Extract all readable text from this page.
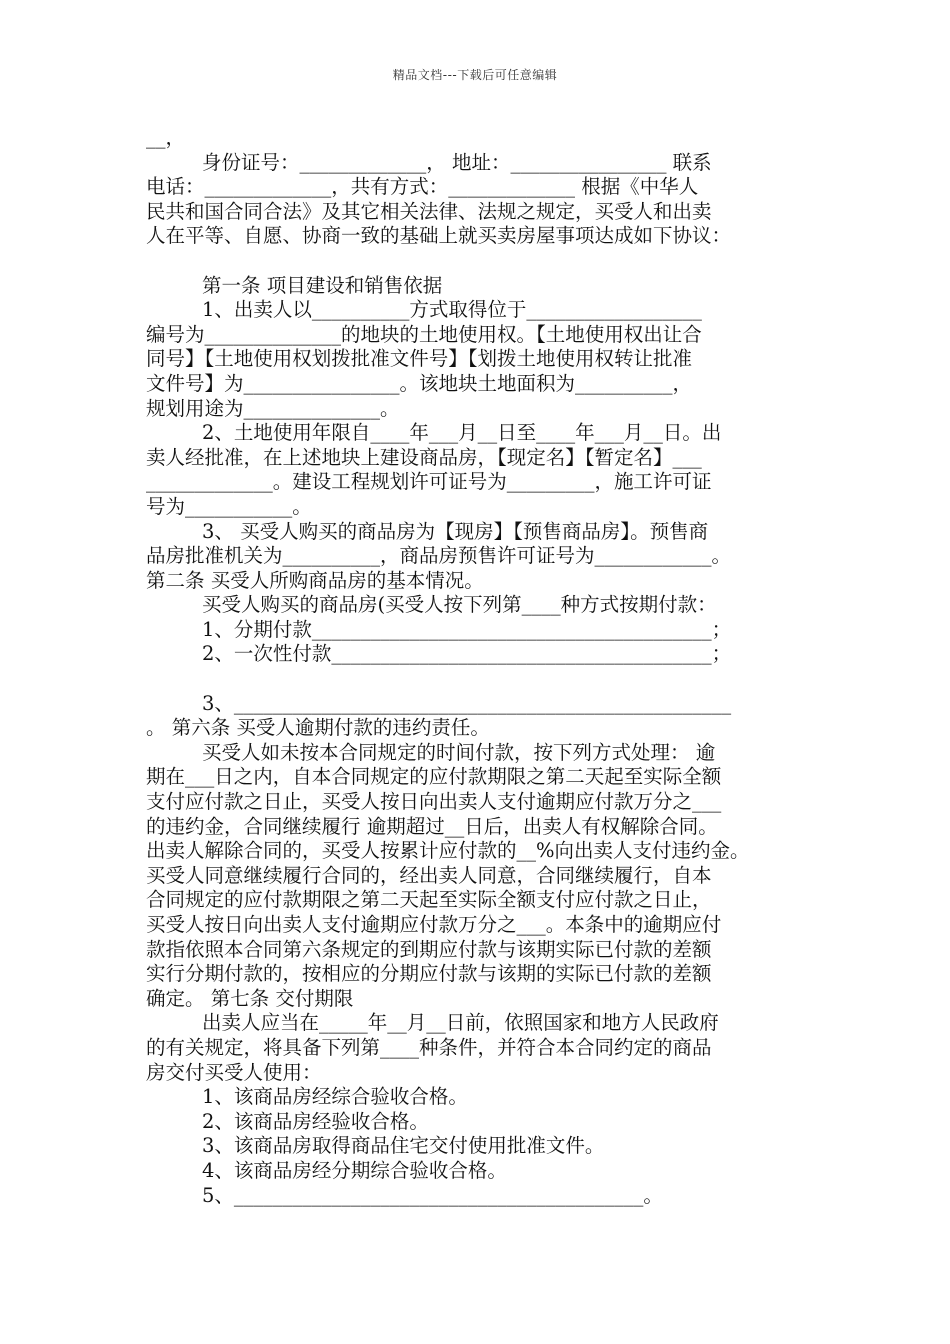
精品文档---下载后可任意编辑
__，
身份证号：_____________， 地址：________________ 联系
电话：_____________，共有方式：_____________ 根据《中华人
民共和国合同合法》及其它相关法律、法规之规定，买受人和出卖
人在平等、自愿、协商一致的基础上就买卖房屋事项达成如下协议：
第一条 项目建设和销售依据
1、出卖人以__________方式取得位于__________________
编号为______________的地块的土地使用权。【土地使用权出让合
同号】【土地使用权划拨批准文件号】【划拨土地使用权转让批准
文件号】为________________。该地块土地面积为__________，
规划用途为______________。
2、土地使用年限自____年___月__日至____年___月__日。出
卖人经批准，在上述地块上建设商品房，【现定名】【暂定名】___
_____________。建设工程规划许可证号为_________，施工许可证
号为___________。
3、 买受人购买的商品房为【现房】【预售商品房】。预售商
品房批准机关为__________，商品房预售许可证号为____________。
第二条 买受人所购商品房的基本情况。
买受人购买的商品房(买受人按下列第____种方式按期付款：
1、分期付款_________________________________________；
2、一次性付款_______________________________________；
3、___________________________________________________
。 第六条 买受人逾期付款的违约责任。
买受人如未按本合同规定的时间付款，按下列方式处理： 逾
期在___日之内，自本合同规定的应付款期限之第二天起至实际全额
支付应付款之日止，买受人按日向出卖人支付逾期应付款万分之___
的违约金，合同继续履行 逾期超过__日后，出卖人有权解除合同。
出卖人解除合同的，买受人按累计应付款的__%向出卖人支付违约金。
买受人同意继续履行合同的，经出卖人同意，合同继续履行，自本
合同规定的应付款期限之第二天起至实际全额支付应付款之日止，
买受人按日向出卖人支付逾期应付款万分之___。本条中的逾期应付
款指依照本合同第六条规定的到期应付款与该期实际已付款的差额
实行分期付款的，按相应的分期应付款与该期的实际已付款的差额
确定。 第七条 交付期限
出卖人应当在_____年__月__日前，依照国家和地方人民政府
的有关规定，将具备下列第____种条件，并符合本合同约定的商品
房交付买受人使用：
1、该商品房经综合验收合格。
2、该商品房经验收合格。
3、该商品房取得商品住宅交付使用批准文件。
4、该商品房经分期综合验收合格。
5、__________________________________________。
